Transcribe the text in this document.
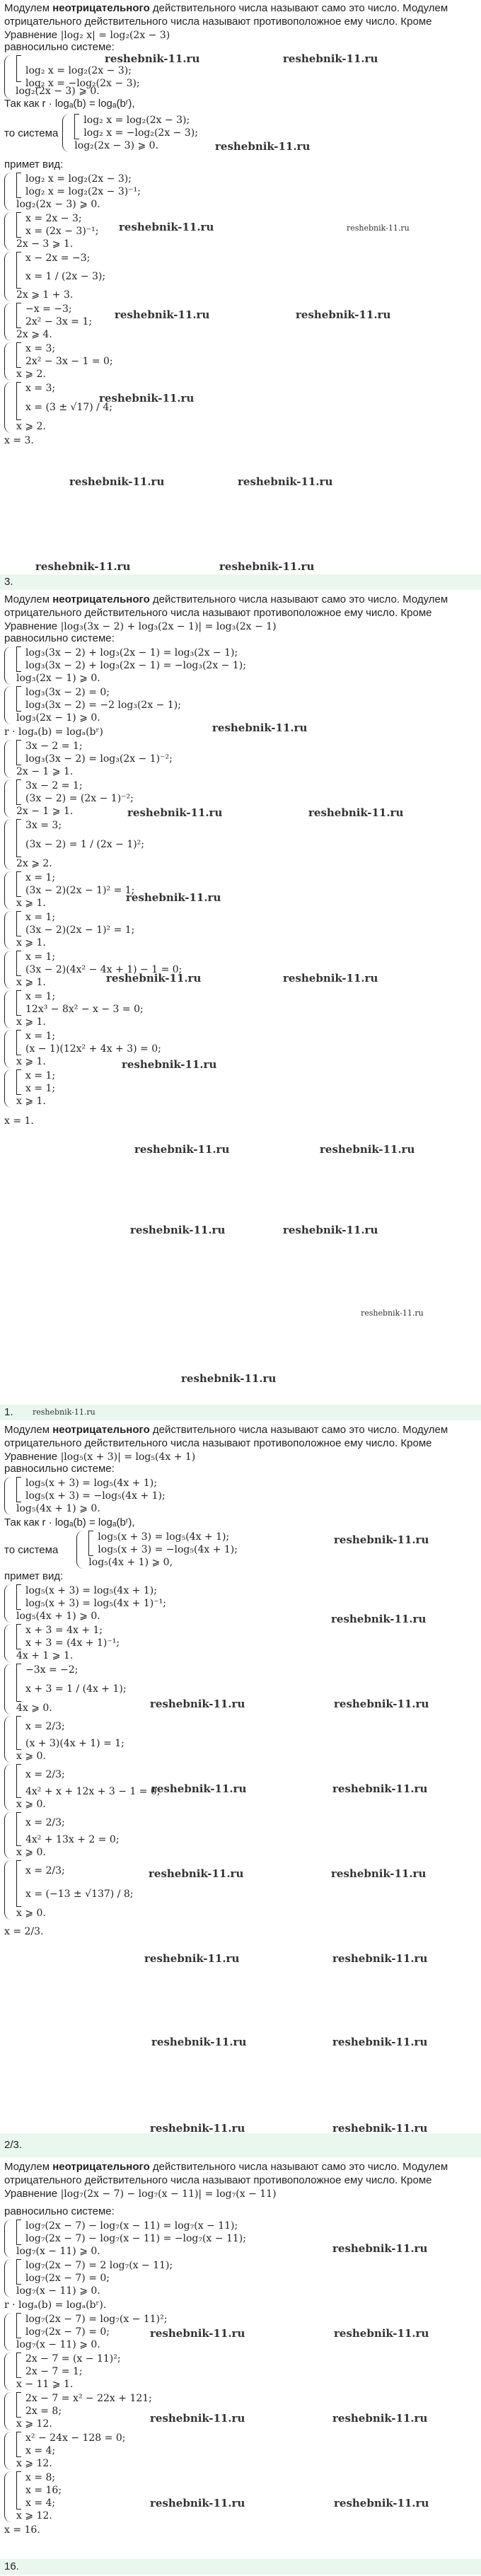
Модулем неотрицательного действительного числа называют само это число. Модулем отрицательного действительного числа называют противоположное ему число. Кроме
Уравнение |log₂ x| = log₂(2x − 3)
равносильно системе:
log₂ x = log₂(2x − 3);
log₂ x = −log₂(2x − 3);
log₂(2x − 3) ⩾ 0.
Так как r · logₐ(b) = logₐ(bʳ),
то система
log₂ x = log₂(2x − 3);
log₂ x = −log₂(2x − 3);
log₂(2x − 3) ⩾ 0.
примет вид:
log₂ x = log₂(2x − 3);
log₂ x = log₂(2x − 3)⁻¹;
log₂(2x − 3) ⩾ 0.
x = 2x − 3;
x = (2x − 3)⁻¹;
2x − 3 ⩾ 1.
x − 2x = −3;
x = 1 / (2x − 3);
2x ⩾ 1 + 3.
−x = −3;
2x² − 3x = 1;
2x ⩾ 4.
x = 3;
2x² − 3x − 1 = 0;
x ⩾ 2.
x = 3;
x = (3 ± √17) / 4;
x ⩾ 2.
x = 3.
3.
Модулем неотрицательного действительного числа называют само это число. Модулем отрицательного действительного числа называют противоположное ему число. Кроме
Уравнение |log₃(3x − 2) + log₃(2x − 1)| = log₃(2x − 1)
равносильно системе:
log₃(3x − 2) + log₃(2x − 1) = log₃(2x − 1);
log₃(3x − 2) + log₃(2x − 1) = −log₃(2x − 1);
log₃(2x − 1) ⩾ 0.
log₃(3x − 2) = 0;
log₃(3x − 2) = −2 log₃(2x − 1);
log₃(2x − 1) ⩾ 0.
r · logₐ(b) = logₐ(bʳ)
3x − 2 = 1;
log₃(3x − 2) = log₃(2x − 1)⁻²;
2x − 1 ⩾ 1.
3x − 2 = 1;
(3x − 2) = (2x − 1)⁻²;
2x − 1 ⩾ 1.
3x = 3;
(3x − 2) = 1 / (2x − 1)²;
2x ⩾ 2.
x = 1;
(3x − 2)(2x − 1)² = 1;
x ⩾ 1.
x = 1;
(3x − 2)(2x − 1)² = 1;
x ⩾ 1.
x = 1;
(3x − 2)(4x² − 4x + 1) − 1 = 0;
x ⩾ 1.
x = 1;
12x³ − 8x² − x − 3 = 0;
x ⩾ 1.
x = 1;
(x − 1)(12x² + 4x + 3) = 0;
x ⩾ 1.
x = 1;
x = 1;
x ⩾ 1.
x = 1.
1.
Модулем неотрицательного действительного числа называют само это число. Модулем отрицательного действительного числа называют противоположное ему число. Кроме
Уравнение |log₅(x + 3)| = log₅(4x + 1)
равносильно системе:
log₅(x + 3) = log₅(4x + 1);
log₅(x + 3) = −log₅(4x + 1);
log₅(4x + 1) ⩾ 0.
Так как r · logₐ(b) = logₐ(bʳ),
то система
log₅(x + 3) = log₅(4x + 1);
log₅(x + 3) = −log₅(4x + 1);
log₅(4x + 1) ⩾ 0,
примет вид:
log₅(x + 3) = log₅(4x + 1);
log₅(x + 3) = log₅(4x + 1)⁻¹;
log₅(4x + 1) ⩾ 0.
x + 3 = 4x + 1;
x + 3 = (4x + 1)⁻¹;
4x + 1 ⩾ 1.
−3x = −2;
x + 3 = 1 / (4x + 1);
4x ⩾ 0.
x = 2/3;
(x + 3)(4x + 1) = 1;
x ⩾ 0.
x = 2/3;
4x² + x + 12x + 3 − 1 = 0;
x ⩾ 0.
x = 2/3;
4x² + 13x + 2 = 0;
x ⩾ 0.
x = 2/3;
x = (−13 ± √137) / 8;
x ⩾ 0.
x = 2/3.
2/3.
Модулем неотрицательного действительного числа называют само это число. Модулем отрицательного действительного числа называют противоположное ему число. Кроме
Уравнение |log₇(2x − 7) − log₇(x − 11)| = log₇(x − 11)
равносильно системе:
log₇(2x − 7) − log₇(x − 11) = log₇(x − 11);
log₇(2x − 7) − log₇(x − 11) = −log₇(x − 11);
log₇(x − 11) ⩾ 0.
log₇(2x − 7) = 2 log₇(x − 11);
log₇(2x − 7) = 0;
log₇(x − 11) ⩾ 0.
r · logₐ(b) = logₐ(bʳ).
log₇(2x − 7) = log₇(x − 11)²;
log₇(2x − 7) = 0;
log₇(x − 11) ⩾ 0.
2x − 7 = (x − 11)²;
2x − 7 = 1;
x − 11 ⩾ 1.
2x − 7 = x² − 22x + 121;
2x = 8;
x ⩾ 12.
x² − 24x − 128 = 0;
x = 4;
x ⩾ 12.
x = 8;
x = 16;
x = 4;
x ⩾ 12.
x = 16.
16.
reshebnik-11.ru	reshebnik-11.ru
reshebnik-11.ru
reshebnik-11.ru	reshebnik-11.ru
reshebnik-11.ru	reshebnik-11.ru
reshebnik-11.ru
reshebnik-11.ru	reshebnik-11.ru
reshebnik-11.ru	reshebnik-11.ru
reshebnik-11.ru
reshebnik-11.ru	reshebnik-11.ru
reshebnik-11.ru
reshebnik-11.ru	reshebnik-11.ru
reshebnik-11.ru
reshebnik-11.ru	reshebnik-11.ru
reshebnik-11.ru	reshebnik-11.ru
reshebnik-11.ru
reshebnik-11.ru
reshebnik-11.ru
reshebnik-11.ru
reshebnik-11.ru
reshebnik-11.ru	reshebnik-11.ru
reshebnik-11.ru	reshebnik-11.ru
reshebnik-11.ru	reshebnik-11.ru
reshebnik-11.ru	reshebnik-11.ru
reshebnik-11.ru	reshebnik-11.ru
reshebnik-11.ru	reshebnik-11.ru
reshebnik-11.ru
reshebnik-11.ru	reshebnik-11.ru
reshebnik-11.ru	reshebnik-11.ru
reshebnik-11.ru	reshebnik-11.ru
